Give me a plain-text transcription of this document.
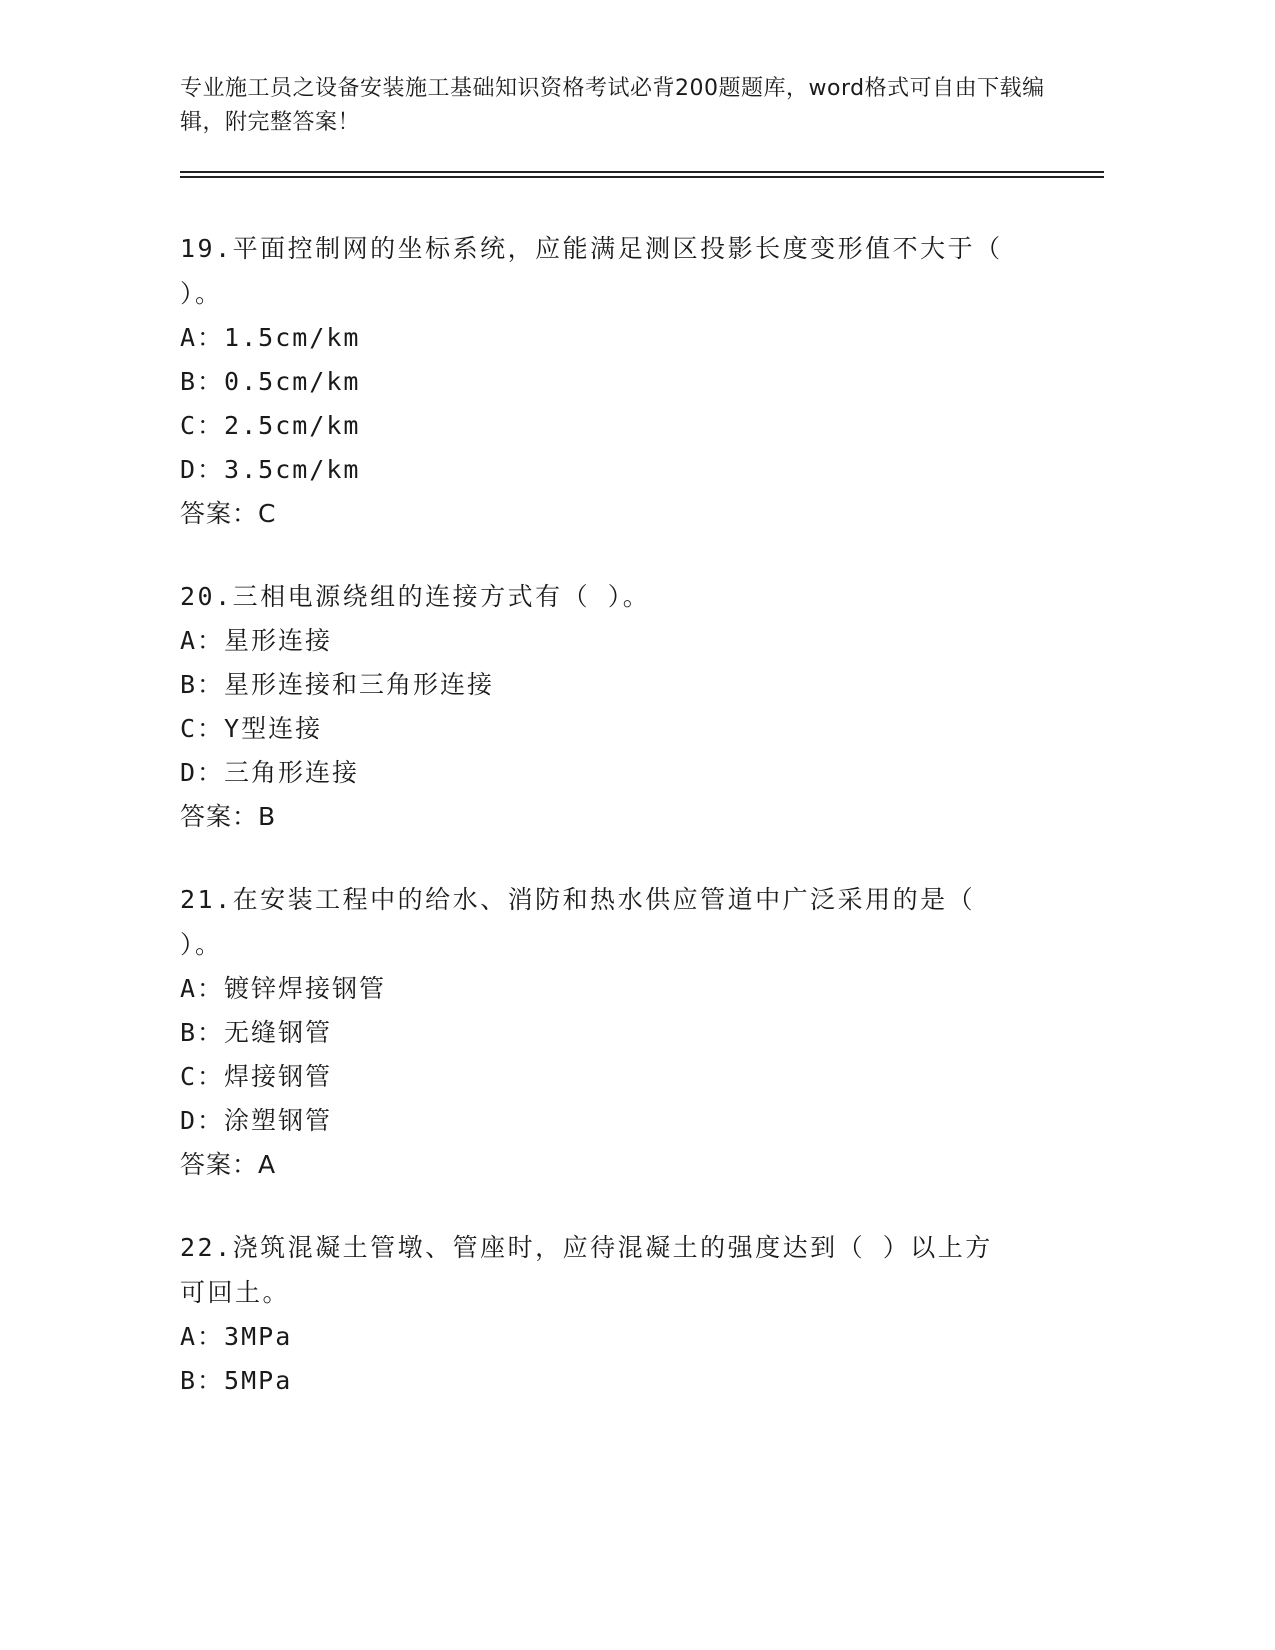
专业施工员之设备安装施工基础知识资格考试必背200题题库，word格式可自由下载编辑，附完整答案！

19.平面控制网的坐标系统，应能满足测区投影长度变形值不大于（ ）。

A：1.5cm/km

B：0.5cm/km

C：2.5cm/km

D：3.5cm/km

答案：C

20.三相电源绕组的连接方式有（ ）。

A：星形连接

B：星形连接和三角形连接

C：Y型连接

D：三角形连接

答案：B

21.在安装工程中的给水、消防和热水供应管道中广泛采用的是（ ）。

A：镀锌焊接钢管

B：无缝钢管

C：焊接钢管

D：涂塑钢管

答案：A

22.浇筑混凝土管墩、管座时，应待混凝土的强度达到（ ）以上方可回土。

A：3MPa

B：5MPa
